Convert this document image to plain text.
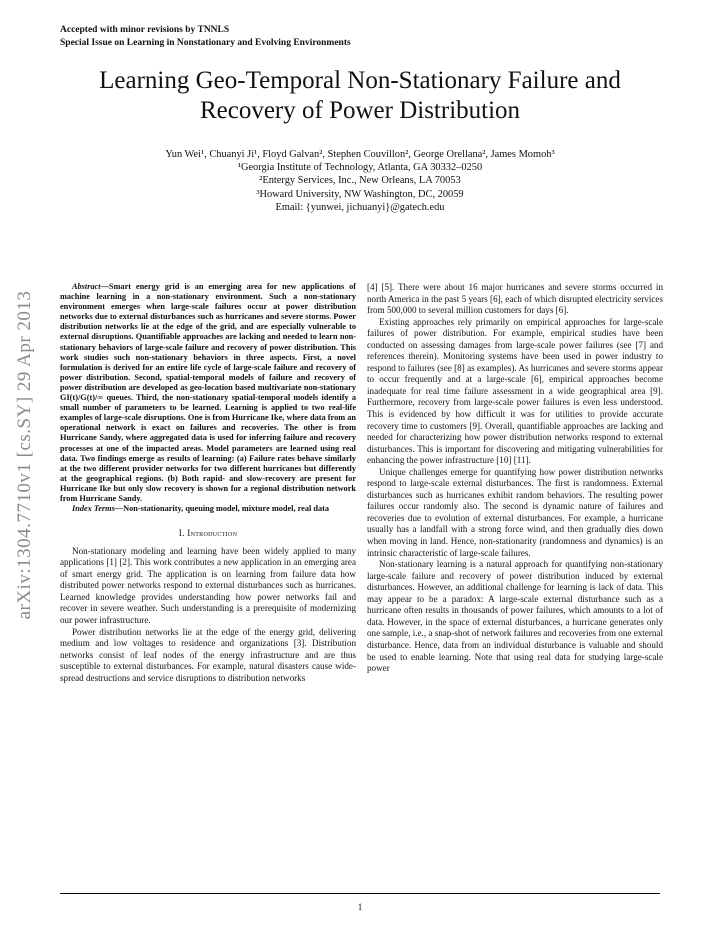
Accepted with minor revisions by TNNLS
Special Issue on Learning in Nonstationary and Evolving Environments
Learning Geo-Temporal Non-Stationary Failure and
Recovery of Power Distribution
Yun Wei¹, Chuanyi Ji¹, Floyd Galvan², Stephen Couvillon², George Orellana², James Momoh³
¹Georgia Institute of Technology, Atlanta, GA 30332–0250
²Entergy Services, Inc., New Orleans, LA 70053
³Howard University, NW Washington, DC, 20059
Email: {yunwei, jichuanyi}@gatech.edu
arXiv:1304.7710v1 [cs.SY] 29 Apr 2013

Abstract—Smart energy grid is an emerging area for new applications of machine learning in a non-stationary environment. Such a non-stationary environment emerges when large-scale failures occur at power distribution networks due to external disturbances such as hurricanes and severe storms. Power distribution networks lie at the edge of the grid, and are especially vulnerable to external disruptions. Quantifiable approaches are lacking and needed to learn non-stationary behaviors of large-scale failure and recovery of power distribution. This work studies such non-stationary behaviors in three aspects. First, a novel formulation is derived for an entire life cycle of large-scale failure and recovery of power distribution. Second, spatial-temporal models of failure and recovery of power distribution are developed as geo-location based multivariate non-stationary GI(t)/G(t)/∞ queues. Third, the non-stationary spatial-temporal models identify a small number of parameters to be learned. Learning is applied to two real-life examples of large-scale disruptions. One is from Hurricane Ike, where data from an operational network is exact on failures and recoveries. The other is from Hurricane Sandy, where aggregated data is used for inferring failure and recovery processes at one of the impacted areas. Model parameters are learned using real data. Two findings emerge as results of learning: (a) Failure rates behave similarly at the two different provider networks for two different hurricanes but differently at the geographical regions. (b) Both rapid- and slow-recovery are present for Hurricane Ike but only slow recovery is shown for a regional distribution network from Hurricane Sandy.

Index Terms—Non-stationarity, queuing model, mixture model, real data

I. Introduction

Non-stationary modeling and learning have been widely applied to many applications [1] [2]. This work contributes a new application in an emerging area of smart energy grid. The application is on learning from failure data how distributed power networks respond to external disturbances such as hurricanes. Learned knowledge provides understanding how power networks fail and recover in severe weather. Such understanding is a prerequisite of modernizing our power infrastructure.

Power distribution networks lie at the edge of the energy grid, delivering medium and low voltages to residence and organizations [3]. Distribution networks consist of leaf nodes of the energy infrastructure and are thus susceptible to external disturbances. For example, natural disasters cause wide-spread destructions and service disruptions to distribution networks

[4] [5]. There were about 16 major hurricanes and severe storms occurred in north America in the past 5 years [6], each of which disrupted electricity services from 500,000 to several million customers for days [6].

Existing approaches rely primarily on empirical approaches for large-scale failures of power distribution. For example, empirical studies have been conducted on assessing damages from large-scale power failures (see [7] and references therein). Monitoring systems have been used in power industry to respond to failures (see [8] as examples). As hurricanes and severe storms appear to occur frequently and at a large-scale [6], empirical approaches become inadequate for real time failure assessment in a wide geographical area [9]. Furthermore, recovery from large-scale power failures is even less understood. This is evidenced by how difficult it was for utilities to provide accurate recovery time to customers [9]. Overall, quantifiable approaches are lacking and needed for characterizing how power distribution networks respond to external disturbances. This is important for discovering and mitigating vulnerabilities for enhancing the power infrastructure [10] [11].

Unique challenges emerge for quantifying how power distribution networks respond to large-scale external disturbances. The first is randomness. External disturbances such as hurricanes exhibit random behaviors. The resulting power failures occur randomly also. The second is dynamic nature of failures and recoveries due to evolution of external disturbances. For example, a hurricane usually has a landfall with a strong force wind, and then gradually dies down when moving in land. Hence, non-stationarity (randomness and dynamics) is an intrinsic characteristic of large-scale failures.

Non-stationary learning is a natural approach for quantifying non-stationary large-scale failure and recovery of power distribution induced by external disturbances. However, an additional challenge for learning is lack of data. This may appear to be a paradox: A large-scale external disturbance such as a hurricane often results in thousands of power failures, which amounts to a lot of data. However, in the space of external disturbances, a hurricane generates only one sample, i.e., a snap-shot of network failures and recoveries from one external disturbance. Hence, data from an individual disturbance is valuable and should be used to enable learning. Note that using real data for studying large-scale power

1
